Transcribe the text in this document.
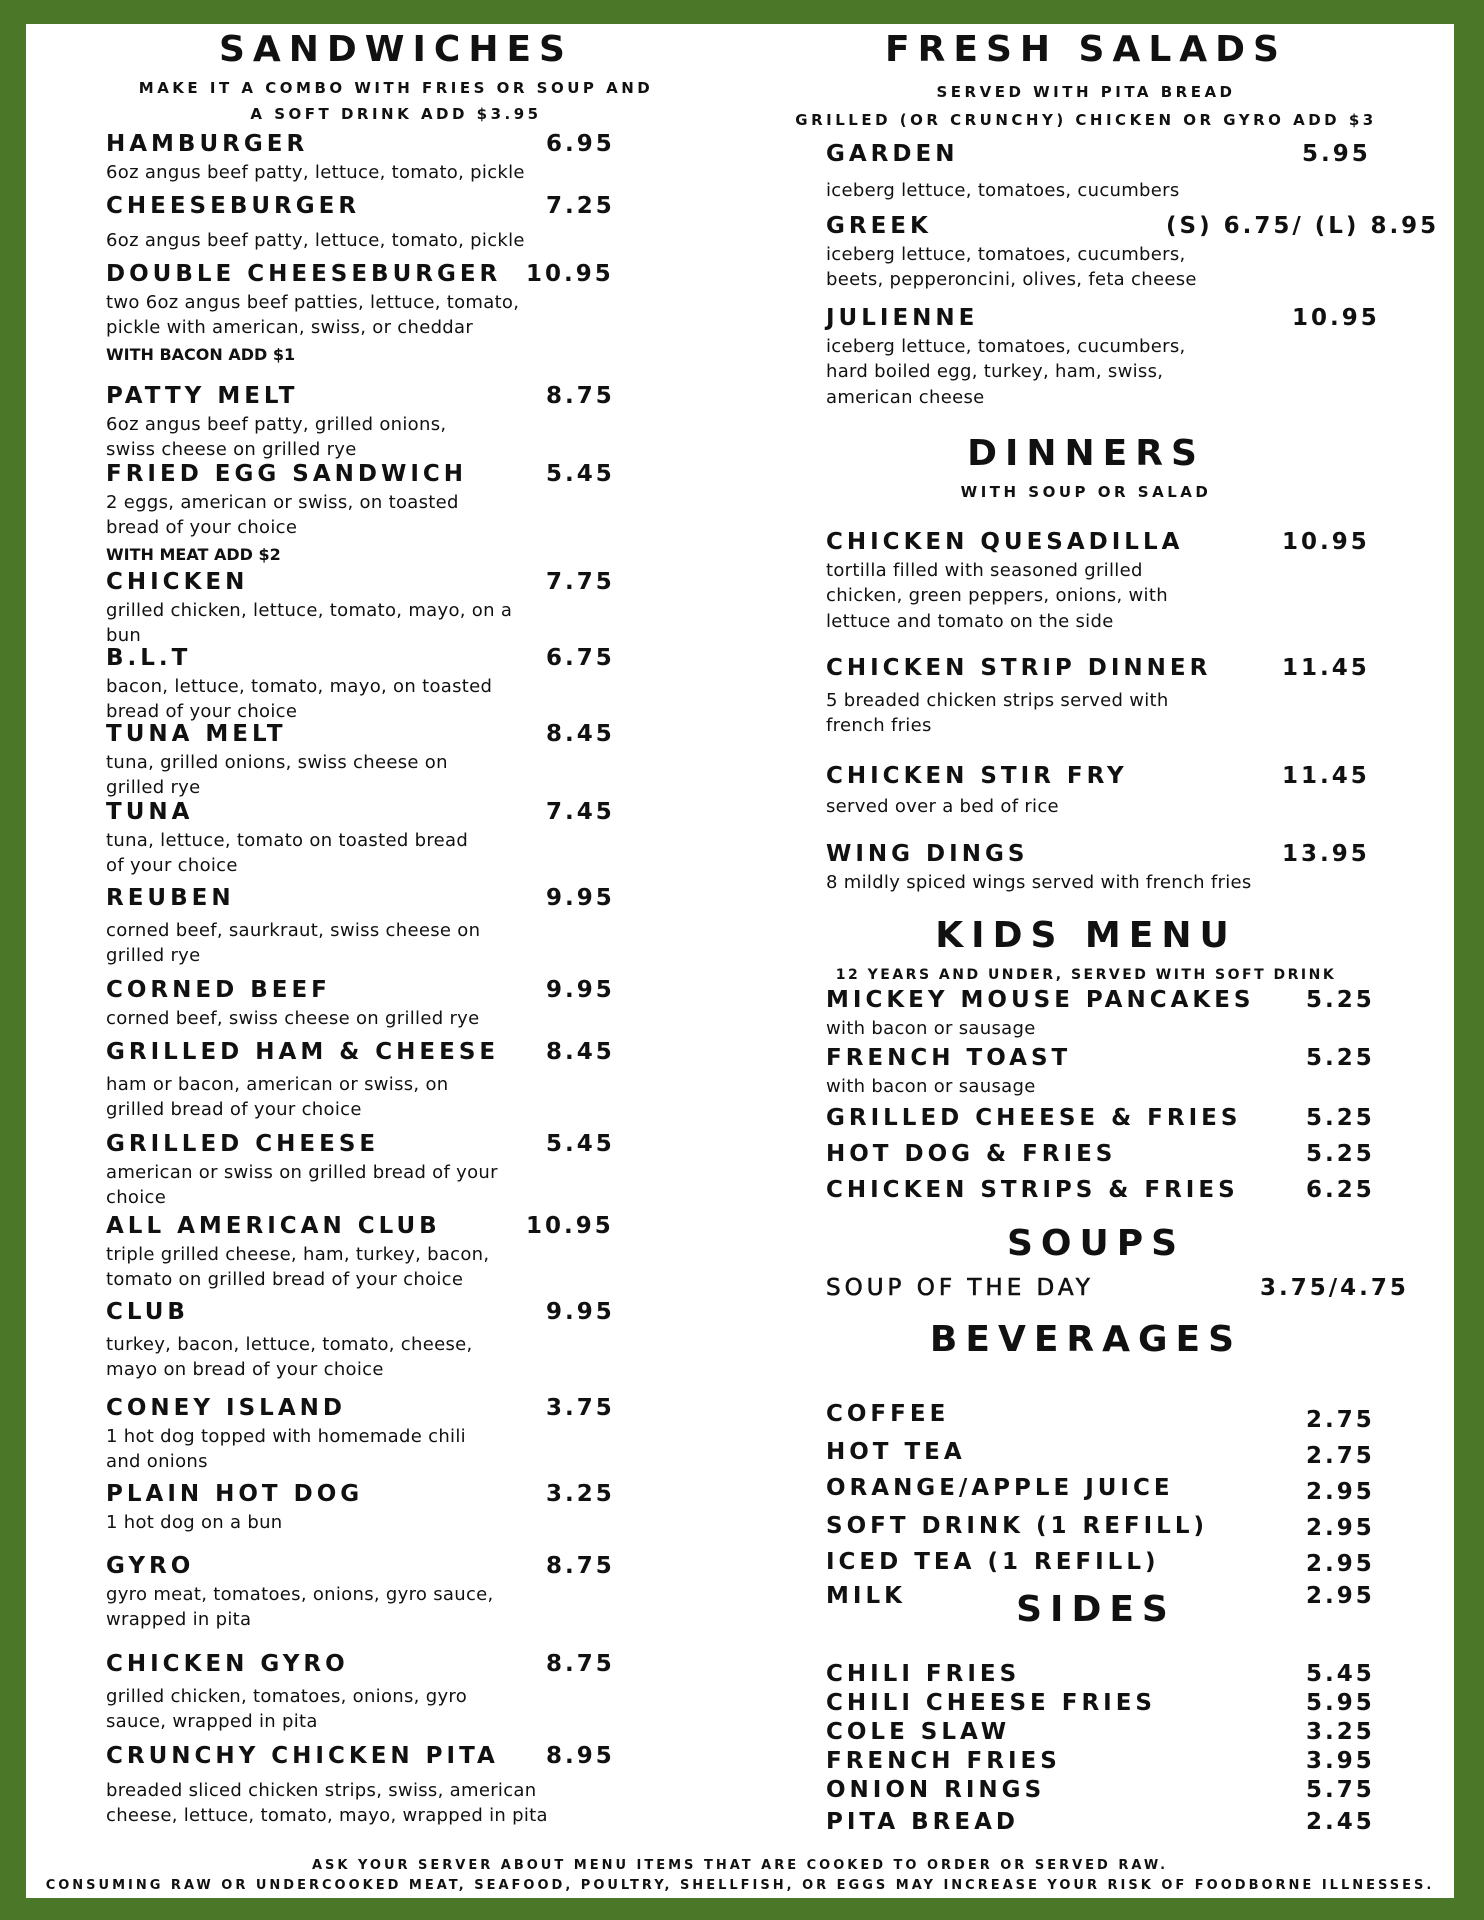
SANDWICHES

MAKE IT A COMBO WITH FRIES OR SOUP AND

A SOFT DRINK ADD $3.95

HAMBURGER	6.95
6oz angus beef patty, lettuce, tomato, pickle
CHEESEBURGER	7.25
6oz angus beef patty, lettuce, tomato, pickle
DOUBLE CHEESEBURGER	10.95
two 6oz angus beef patties, lettuce, tomato,
pickle with american, swiss, or cheddar
WITH BACON ADD $1
PATTY MELT	8.75
6oz angus beef patty, grilled onions,
swiss cheese on grilled rye
FRIED EGG SANDWICH	5.45
2 eggs, american or swiss, on toasted
bread of your choice
WITH MEAT ADD $2
CHICKEN	7.75
grilled chicken, lettuce, tomato, mayo, on a
bun
B.L.T	6.75
bacon, lettuce, tomato, mayo, on toasted
bread of your choice
TUNA MELT	8.45
tuna, grilled onions, swiss cheese on
grilled rye
TUNA	7.45
tuna, lettuce, tomato on toasted bread
of your choice
REUBEN	9.95
corned beef, saurkraut, swiss cheese on
grilled rye
CORNED BEEF	9.95
corned beef, swiss cheese on grilled rye
GRILLED HAM & CHEESE	8.45
ham or bacon, american or swiss, on
grilled bread of your choice
GRILLED CHEESE	5.45
american or swiss on grilled bread of your
choice
ALL AMERICAN CLUB	10.95
triple grilled cheese, ham, turkey, bacon,
tomato on grilled bread of your choice
CLUB	9.95
turkey, bacon, lettuce, tomato, cheese,
mayo on bread of your choice
CONEY ISLAND	3.75
1 hot dog topped with homemade chili
and onions
PLAIN HOT DOG	3.25
1 hot dog on a bun
GYRO	8.75
gyro meat, tomatoes, onions, gyro sauce,
wrapped in pita
CHICKEN GYRO	8.75
grilled chicken, tomatoes, onions, gyro
sauce, wrapped in pita
CRUNCHY CHICKEN PITA	8.95
breaded sliced chicken strips, swiss, american
cheese, lettuce, tomato, mayo, wrapped in pita
FRESH SALADS

SERVED WITH PITA BREAD

GRILLED (OR CRUNCHY) CHICKEN OR GYRO ADD $3

GARDEN	5.95
iceberg lettuce, tomatoes, cucumbers
GREEK	(S) 6.75/ (L) 8.95
iceberg lettuce, tomatoes, cucumbers,
beets, pepperoncini, olives, feta cheese
JULIENNE	10.95
iceberg lettuce, tomatoes, cucumbers,
hard boiled egg, turkey, ham, swiss,
american cheese
DINNERS

WITH SOUP OR SALAD

CHICKEN QUESADILLA	10.95
tortilla filled with seasoned grilled
chicken, green peppers, onions, with
lettuce and tomato on the side
CHICKEN STRIP DINNER	11.45
5 breaded chicken strips served with
french fries
CHICKEN STIR FRY	11.45
served over a bed of rice
WING DINGS	13.95
8 mildly spiced wings served with french fries
KIDS MENU

12 YEARS AND UNDER, SERVED WITH SOFT DRINK

MICKEY MOUSE PANCAKES	5.25
with bacon or sausage
FRENCH TOAST	5.25
with bacon or sausage
GRILLED CHEESE & FRIES	5.25
HOT DOG & FRIES	5.25
CHICKEN STRIPS & FRIES	6.25
SOUPS
SOUP OF THE DAY	3.75/4.75
BEVERAGES
COFFEE	2.75
HOT TEA	2.75
ORANGE/APPLE JUICE	2.95
SOFT DRINK (1 REFILL)	2.95
ICED TEA (1 REFILL)	2.95
MILK	2.95
SIDES
CHILI FRIES	5.45
CHILI CHEESE FRIES	5.95
COLE SLAW	3.25
FRENCH FRIES	3.95
ONION RINGS	5.75
PITA BREAD	2.45
ASK YOUR SERVER ABOUT MENU ITEMS THAT ARE COOKED TO ORDER OR SERVED RAW.
CONSUMING RAW OR UNDERCOOKED MEAT, SEAFOOD, POULTRY, SHELLFISH, OR EGGS MAY INCREASE YOUR RISK OF FOODBORNE ILLNESSES.
